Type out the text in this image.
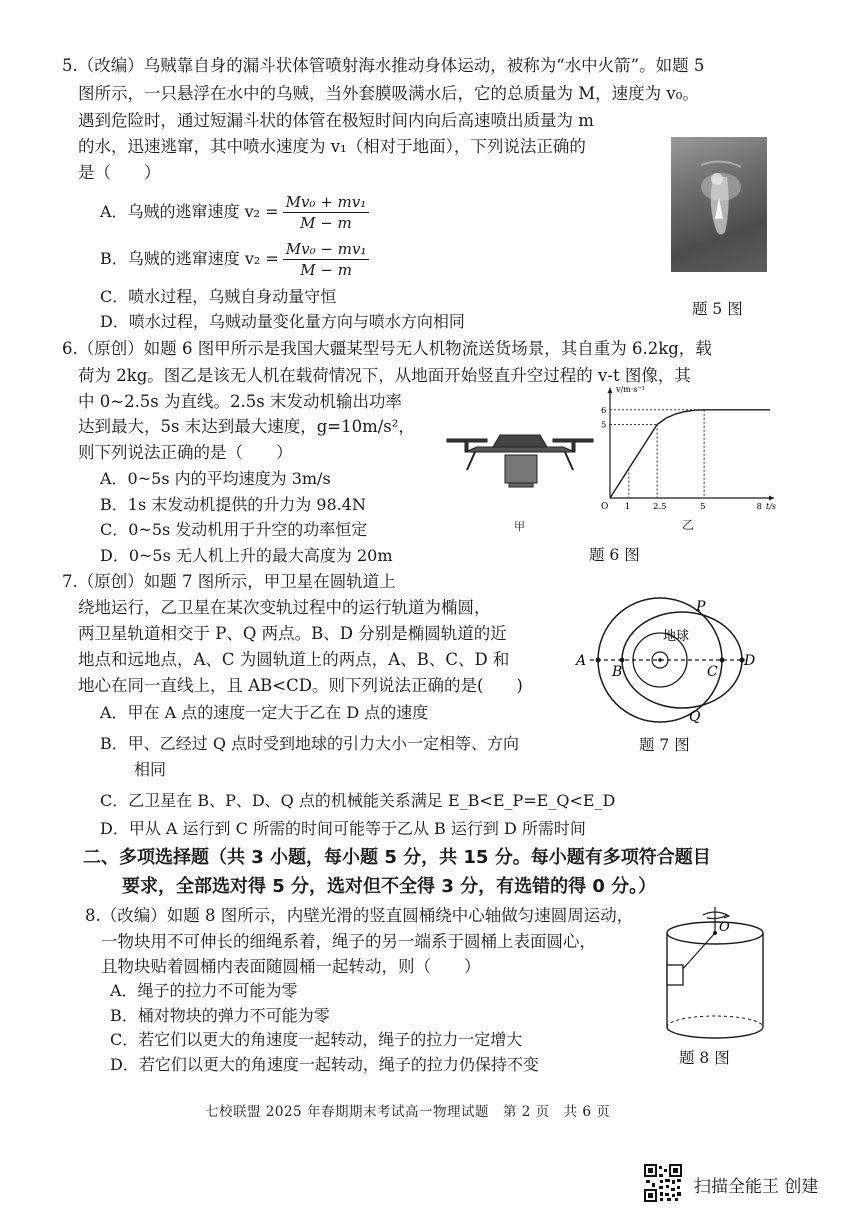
5.（改编）乌贼靠自身的漏斗状体管喷射海水推动身体运动，被称为“水中火箭”。如题 5
图所示，一只悬浮在水中的乌贼，当外套膜吸满水后，它的总质量为 M，速度为 v₀。
遇到危险时，通过短漏斗状的体管在极短时间内向后高速喷出质量为 m
的水，迅速逃窜，其中喷水速度为 v₁（相对于地面），下列说法正确的
是（　　）
A．乌贼的逃窜速度 $v_2 = \frac{\text{Mv₀ + mv₁}}{M - m}$
B．乌贼的逃窜速度 $v_2 = \frac{\text{Mv₀ − mv₁}}{M - m}$
C．喷水过程，乌贼自身动量守恒
D．喷水过程，乌贼动量变化量方向与喷水方向相同
题 5 图
6.（原创）如题 6 图甲所示是我国大疆某型号无人机物流送货场景，其自重为 6.2kg，载
荷为 2kg。图乙是该无人机在载荷情况下，从地面开始竖直升空过程的 v-t 图像，其
中 0~2.5s 为直线。2.5s 末发动机输出功率
达到最大，5s 末达到最大速度，g=10m/s²，
则下列说法正确的是（　　）
A．0~5s 内的平均速度为 3m/s
B．1s 末发动机提供的升力为 98.4N
C．0~5s 发动机用于升空的功率恒定
D．0~5s 无人机上升的最大高度为 20m
甲
O
v/m·s⁻¹
t/s
1	2.5	5	8
5
6
乙
题 6 图
7.（原创）如题 7 图所示，甲卫星在圆轨道上
绕地运行，乙卫星在某次变轨过程中的运行轨道为椭圆，
两卫星轨道相交于 P、Q 两点。B、D 分别是椭圆轨道的近
地点和远地点，A、C 为圆轨道上的两点，A、B、C、D 和
地心在同一直线上，且 AB<CD。则下列说法正确的是(　　)
A．甲在 A 点的速度一定大于乙在 D 点的速度
B．甲、乙经过 Q 点时受到地球的引力大小一定相等、方向
相同
C．乙卫星在 B、P、D、Q 点的机械能关系满足 E_B<E_P=E_Q<E_D
D．甲从 A 运行到 C 所需的时间可能等于乙从 B 运行到 D 所需时间
地球
A
B	C
D
P
Q
题 7 图
二、多项选择题（共 3 小题，每小题 5 分，共 15 分。每小题有多项符合题目
要求，全部选对得 5 分，选对但不全得 3 分，有选错的得 0 分。）
8.（改编）如题 8 图所示，内壁光滑的竖直圆桶绕中心轴做匀速圆周运动，
一物块用不可伸长的细绳系着，绳子的另一端系于圆桶上表面圆心，
且物块贴着圆桶内表面随圆桶一起转动，则（　　）
A．绳子的拉力不可能为零
B．桶对物块的弹力不可能为零
C．若它们以更大的角速度一起转动，绳子的拉力一定增大
D．若它们以更大的角速度一起转动，绳子的拉力仍保持不变
O
题 8 图
七校联盟 2025 年春期期末考试高一物理试题　第 2 页　共 6 页
扫描全能王 创建
